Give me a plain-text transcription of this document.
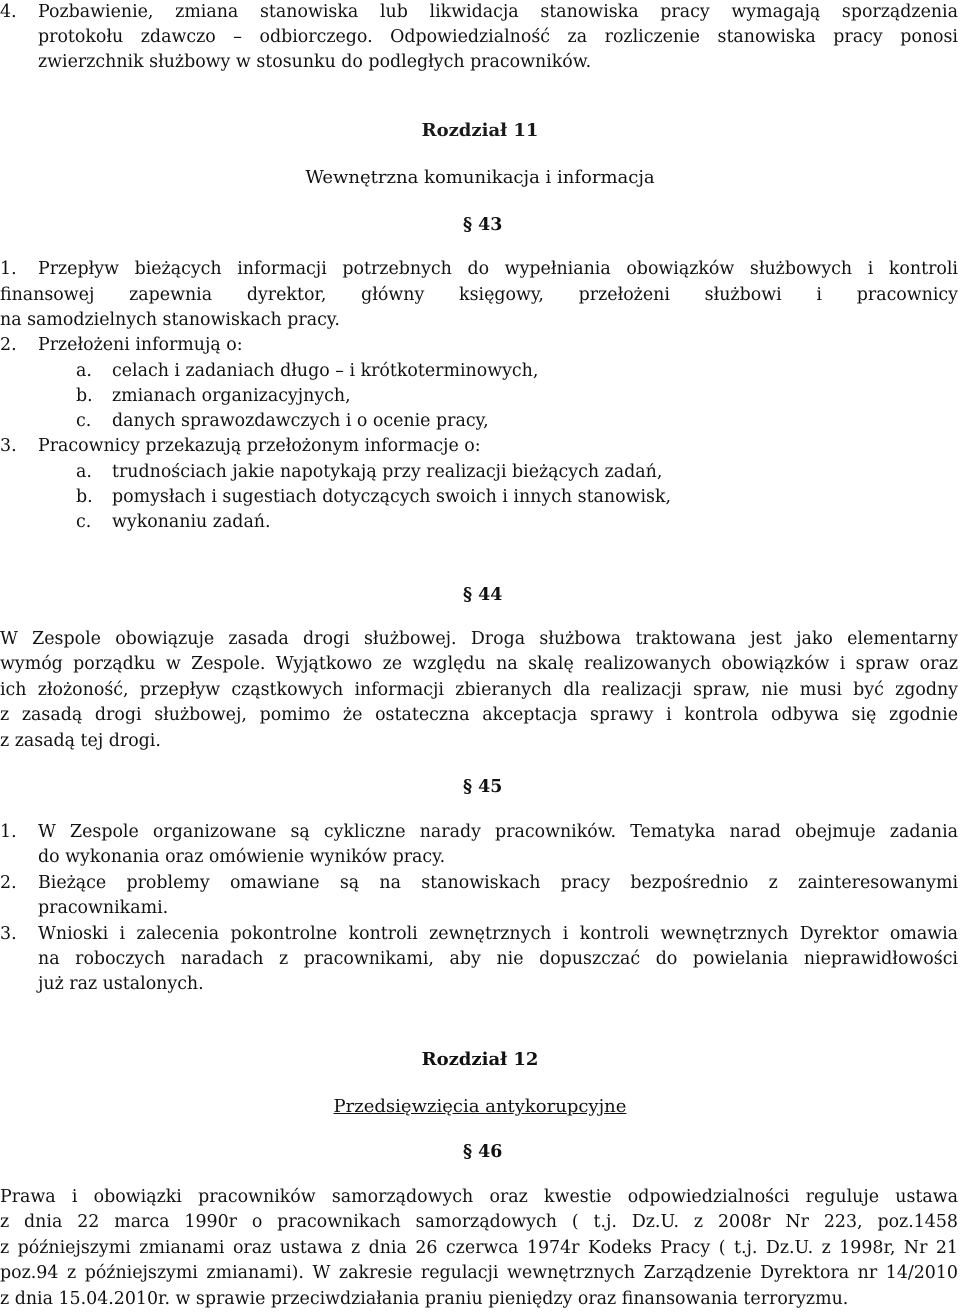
4. Pozbawienie, zmiana stanowiska lub likwidacja stanowiska pracy wymagają sporządzenia
protokołu zdawczo – odbiorczego. Odpowiedzialność za rozliczenie stanowiska pracy ponosi
zwierzchnik służbowy w stosunku do podległych pracowników.
Rozdział 11
Wewnętrzna komunikacja i informacja
§ 43
1. Przepływ bieżących informacji potrzebnych do wypełniania obowiązków służbowych i kontroli
finansowej zapewnia dyrektor, główny księgowy, przełożeni służbowi i pracownicy
na samodzielnych stanowiskach pracy.
2. Przełożeni informują o:
a. celach i zadaniach długo – i krótkoterminowych,
b. zmianach organizacyjnych,
c. danych sprawozdawczych i o ocenie pracy,
3. Pracownicy przekazują przełożonym informacje o:
a. trudnościach jakie napotykają przy realizacji bieżących zadań,
b. pomysłach i sugestiach dotyczących swoich i innych stanowisk,
c. wykonaniu zadań.
§ 44
W Zespole obowiązuje zasada drogi służbowej. Droga służbowa traktowana jest jako elementarny
wymóg porządku w Zespole. Wyjątkowo ze względu na skalę realizowanych obowiązków i spraw oraz
ich złożoność, przepływ cząstkowych informacji zbieranych dla realizacji spraw, nie musi być zgodny
z zasadą drogi służbowej, pomimo że ostateczna akceptacja sprawy i kontrola odbywa się zgodnie
z zasadą tej drogi.
§ 45
1. W Zespole organizowane są cykliczne narady pracowników. Tematyka narad obejmuje zadania
do wykonania oraz omówienie wyników pracy.
2. Bieżące problemy omawiane są na stanowiskach pracy bezpośrednio z zainteresowanymi
pracownikami.
3. Wnioski i zalecenia pokontrolne kontroli zewnętrznych i kontroli wewnętrznych Dyrektor omawia
na roboczych naradach z pracownikami, aby nie dopuszczać do powielania nieprawidłowości
już raz ustalonych.
Rozdział 12
Przedsięwzięcia antykorupcyjne
§ 46
Prawa i obowiązki pracowników samorządowych oraz kwestie odpowiedzialności reguluje ustawa
z dnia 22 marca 1990r o pracownikach samorządowych ( t.j. Dz.U. z 2008r Nr 223, poz.1458
z późniejszymi zmianami oraz ustawa z dnia 26 czerwca 1974r Kodeks Pracy ( t.j. Dz.U. z 1998r, Nr 21
poz.94 z późniejszymi zmianami). W zakresie regulacji wewnętrznych Zarządzenie Dyrektora nr 14/2010
z dnia 15.04.2010r. w sprawie przeciwdziałania praniu pieniędzy oraz finansowania terroryzmu.
